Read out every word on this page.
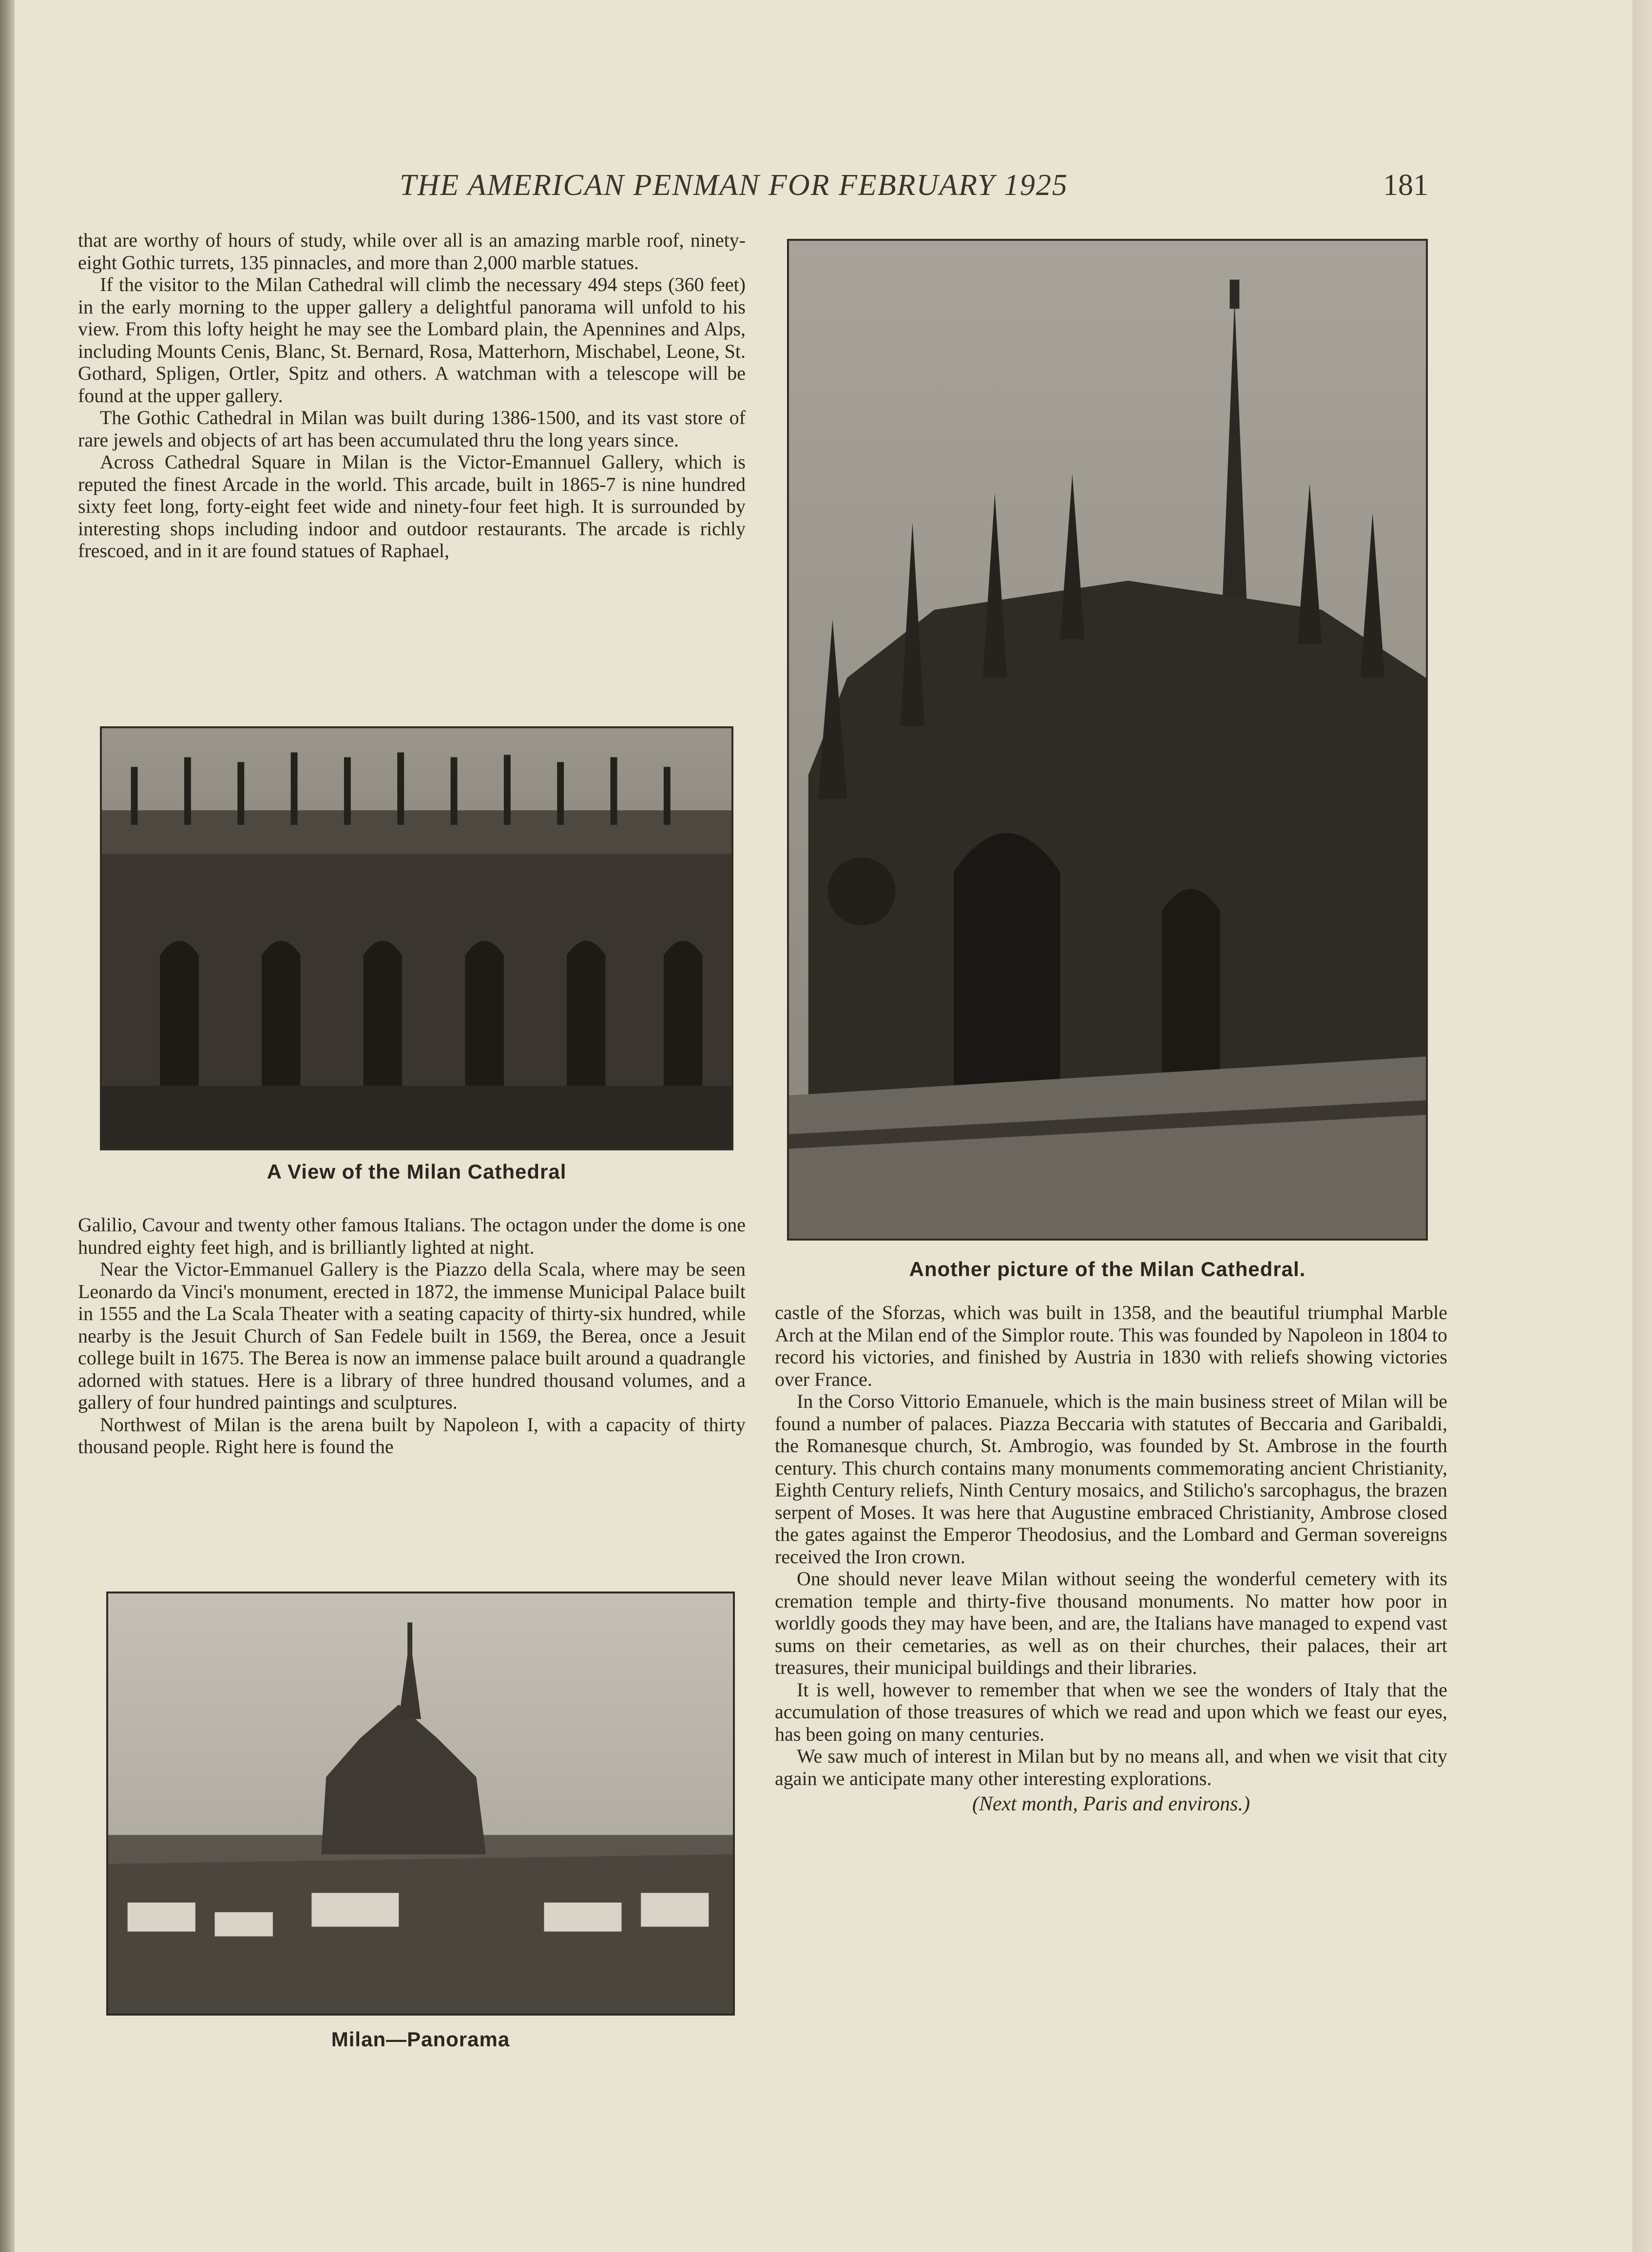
THE AMERICAN PENMAN FOR FEBRUARY 1925	181

that are worthy of hours of study, while over all is an amazing marble roof, ninety-eight Gothic turrets, 135 pinnacles, and more than 2,000 marble statues.

If the visitor to the Milan Cathedral will climb the necessary 494 steps (360 feet) in the early morning to the upper gallery a delightful panorama will unfold to his view. From this lofty height he may see the Lombard plain, the Apennines and Alps, including Mounts Cenis, Blanc, St. Bernard, Rosa, Matterhorn, Mischabel, Leone, St. Gothard, Spligen, Ortler, Spitz and others. A watchman with a telescope will be found at the upper gallery.

The Gothic Cathedral in Milan was built during 1386-1500, and its vast store of rare jewels and objects of art has been accumulated thru the long years since.

Across Cathedral Square in Milan is the Victor-Emannuel Gallery, which is reputed the finest Arcade in the world. This arcade, built in 1865-7 is nine hundred sixty feet long, forty-eight feet wide and ninety-four feet high. It is surrounded by interesting shops including indoor and outdoor restaurants. The arcade is richly frescoed, and in it are found statues of Raphael,

A View of the Milan Cathedral

Galilio, Cavour and twenty other famous Italians. The octagon under the dome is one hundred eighty feet high, and is brilliantly lighted at night.

Near the Victor-Emmanuel Gallery is the Piazzo della Scala, where may be seen Leonardo da Vinci's monument, erected in 1872, the immense Municipal Palace built in 1555 and the La Scala Theater with a seating capacity of thirty-six hundred, while nearby is the Jesuit Church of San Fedele built in 1569, the Berea, once a Jesuit college built in 1675. The Berea is now an immense palace built around a quadrangle adorned with statues. Here is a library of three hundred thousand volumes, and a gallery of four hundred paintings and sculptures.

Northwest of Milan is the arena built by Napoleon I, with a capacity of thirty thousand people. Right here is found the

Milan—Panorama
Another picture of the Milan Cathedral.

castle of the Sforzas, which was built in 1358, and the beautiful triumphal Marble Arch at the Milan end of the Simplor route. This was founded by Napoleon in 1804 to record his victories, and finished by Austria in 1830 with reliefs showing victories over France.

In the Corso Vittorio Emanuele, which is the main business street of Milan will be found a number of palaces. Piazza Beccaria with statutes of Beccaria and Garibaldi, the Romanesque church, St. Ambrogio, was founded by St. Ambrose in the fourth century. This church contains many monuments commemorating ancient Christianity, Eighth Century reliefs, Ninth Century mosaics, and Stilicho's sarcophagus, the brazen serpent of Moses. It was here that Augustine embraced Christianity, Ambrose closed the gates against the Emperor Theodosius, and the Lombard and German sovereigns received the Iron crown.

One should never leave Milan without seeing the wonderful cemetery with its cremation temple and thirty-five thousand monuments. No matter how poor in worldly goods they may have been, and are, the Italians have managed to expend vast sums on their cemetaries, as well as on their churches, their palaces, their art treasures, their municipal buildings and their libraries.

It is well, however to remember that when we see the wonders of Italy that the accumulation of those treasures of which we read and upon which we feast our eyes, has been going on many centuries.

We saw much of interest in Milan but by no means all, and when we visit that city again we anticipate many other interesting explorations.

(Next month, Paris and environs.)
